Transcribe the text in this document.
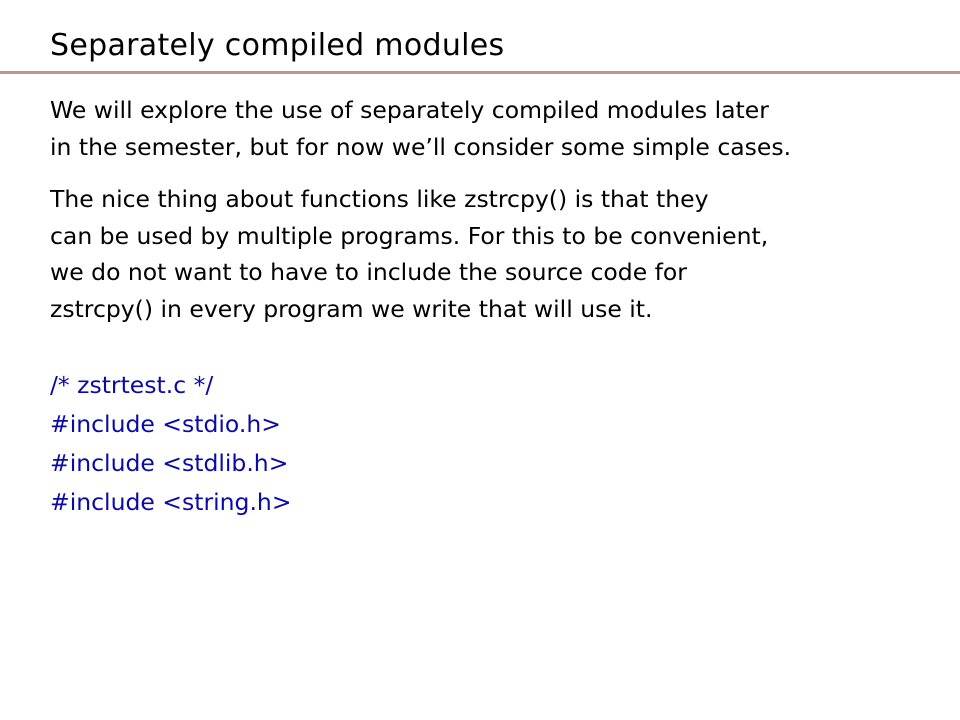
Separately compiled modules

We will explore the use of separately compiled modules later
in the semester, but for now we’ll consider some simple cases.

The nice thing about functions like zstrcpy() is that they
can be used by multiple programs. For this to be convenient,
we do not want to have to include the source code for
zstrcpy() in every program we write that will use it.

/* zstrtest.c */
#include <stdio.h>
#include <stdlib.h>
#include <string.h>
